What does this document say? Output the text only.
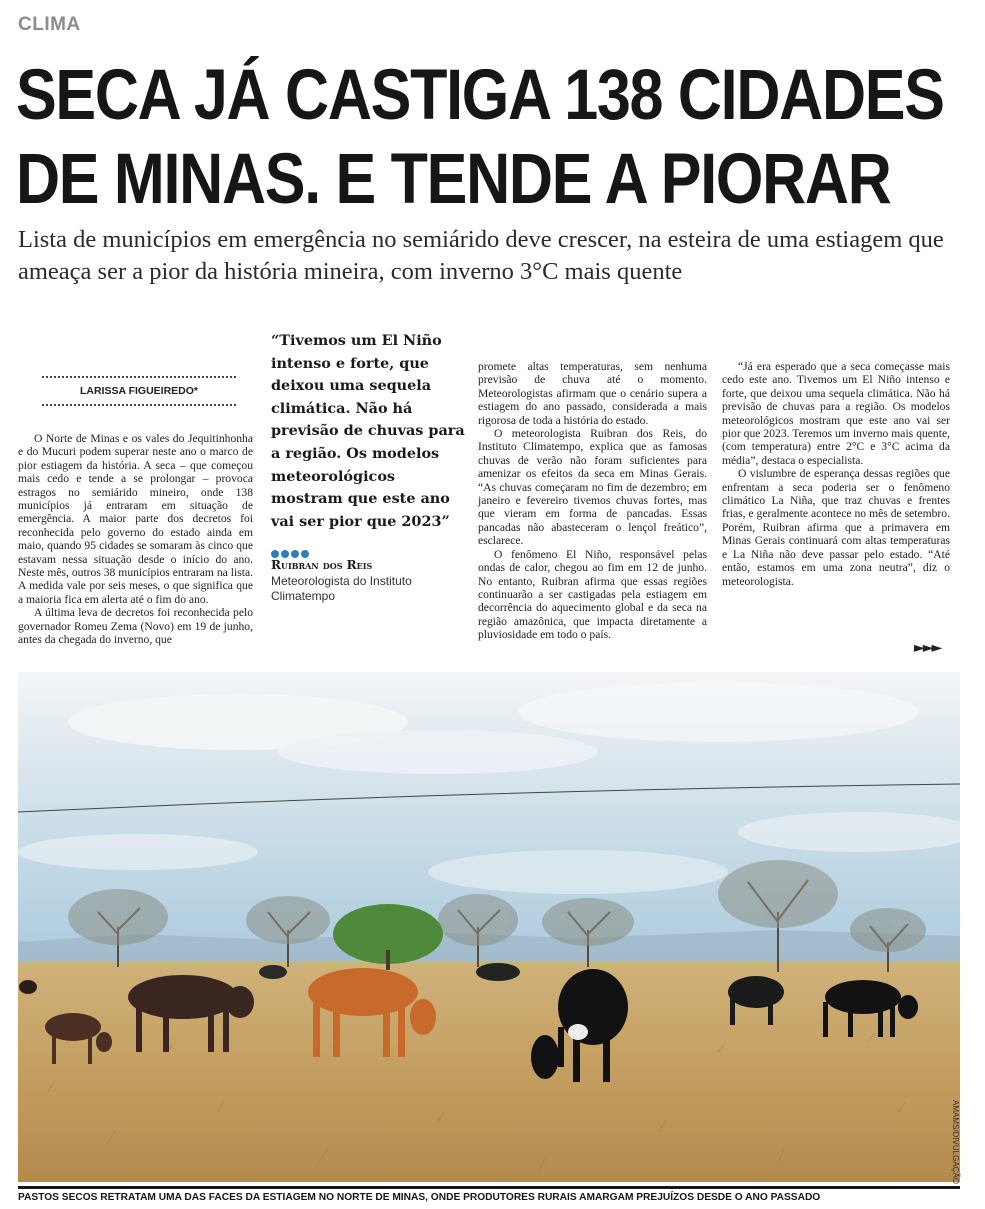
CLIMA
SECA JÁ CASTIGA 138 CIDADES
DE MINAS. E TENDE A PIORAR

Lista de municípios em emergência no semiárido deve crescer, na esteira de uma estiagem que ameaça ser a pior da história mineira, com inverno 3°C mais quente

LARISSA FIGUEIREDO*

O Norte de Minas e os vales do Jequitinhonha e do Mucuri podem superar neste ano o marco de pior estiagem da história. A seca – que começou mais cedo e tende a se prolongar – provoca estragos no semiárido mineiro, onde 138 municípios já entraram em situação de emergência. A maior parte dos decretos foi reconhecida pelo governo do estado ainda em maio, quando 95 cidades se somaram às cinco que estavam nessa situação desde o início do ano. Neste mês, outros 38 municípios entraram na lista. A medida vale por seis meses, o que significa que a maioria fica em alerta até o fim do ano.

A última leva de decretos foi reconhecida pelo governador Romeu Zema (Novo) em 19 de junho, antes da chegada do inverno, que

“Tivemos um El Niño intenso e forte, que deixou uma sequela climática. Não há previsão de chuvas para a região. Os modelos meteorológicos mostram que este ano vai ser pior que 2023”
Ruibran dos Reis
Meteorologista do Instituto Climatempo

promete altas temperaturas, sem nenhuma previsão de chuva até o momento. Meteorologistas afirmam que o cenário supera a estiagem do ano passado, considerada a mais rigorosa de toda a história do estado.

O meteorologista Ruibran dos Reis, do Instituto Climatempo, explica que as famosas chuvas de verão não foram suficientes para amenizar os efeitos da seca em Minas Gerais. “As chuvas começaram no fim de dezembro; em janeiro e fevereiro tivemos chuvas fortes, mas que vieram em forma de pancadas. Essas pancadas não abasteceram o lençol freático”, esclarece.

O fenômeno El Niño, responsável pelas ondas de calor, chegou ao fim em 12 de junho. No entanto, Ruibran afirma que essas regiões continuarão a ser castigadas pela estiagem em decorrência do aquecimento global e da seca na região amazônica, que impacta diretamente a pluviosidade em todo o país.

“Já era esperado que a seca começasse mais cedo este ano. Tivemos um El Niño intenso e forte, que deixou uma sequela climática. Não há previsão de chuvas para a região. Os modelos meteorológicos mostram que este ano vai ser pior que 2023. Teremos um inverno mais quente, (com temperatura) entre 2°C e 3°C acima da média”, destaca o especialista.

O vislumbre de esperança dessas regiões que enfrentam a seca poderia ser o fenômeno climático La Niña, que traz chuvas e frentes frias, e geralmente acontece no mês de setembro. Porém, Ruibran afirma que a primavera em Minas Gerais continuará com altas temperaturas e La Niña não deve passar pelo estado. “Até então, estamos em uma zona neutra”, diz o meteorologista.

►►►
AMAMS/DIVULGAÇÃO
PASTOS SECOS RETRATAM UMA DAS FACES DA ESTIAGEM NO NORTE DE MINAS, ONDE PRODUTORES RURAIS AMARGAM PREJUÍZOS DESDE O ANO PASSADO
